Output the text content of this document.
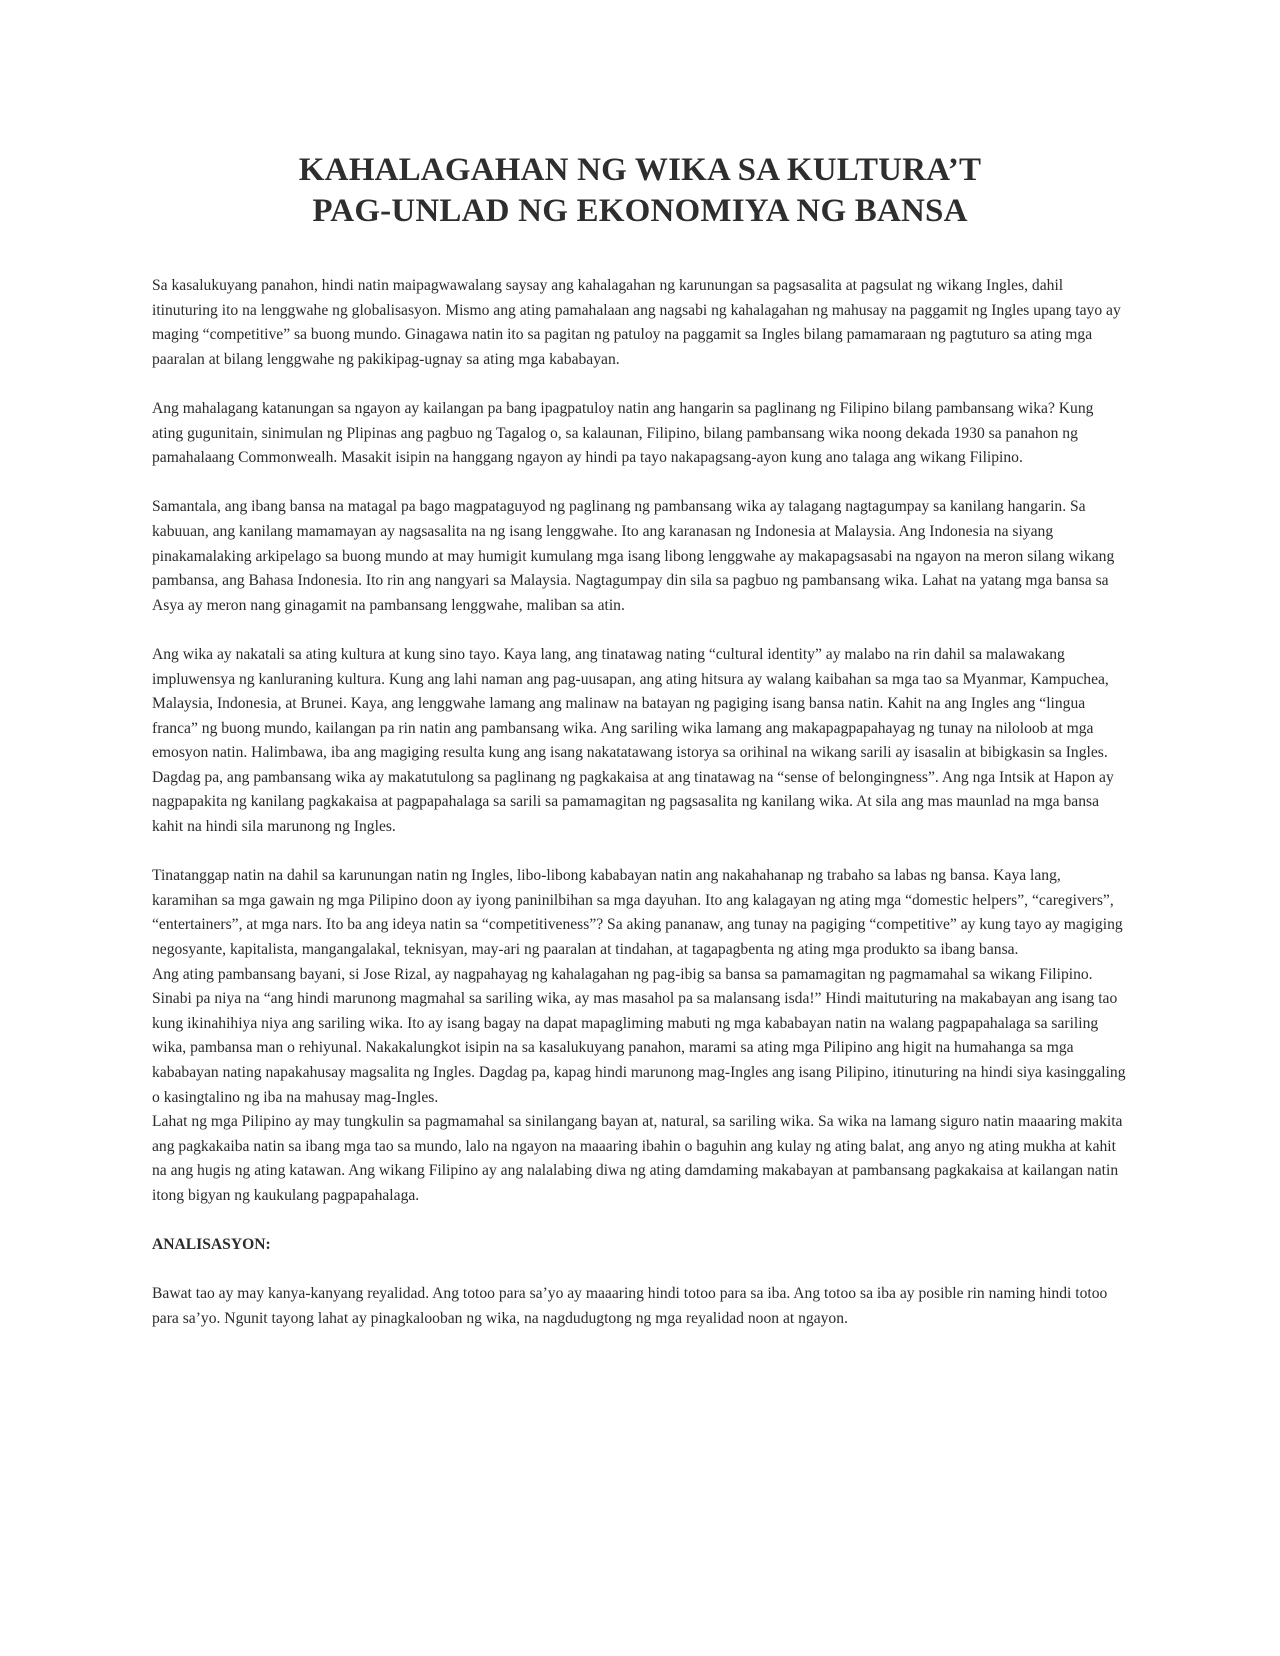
KAHALAGAHAN NG WIKA SA KULTURA’T
PAG-UNLAD NG EKONOMIYA NG BANSA

Sa kasalukuyang panahon, hindi natin maipagwawalang saysay ang kahalagahan ng karunungan sa pagsasalita at pagsulat ng wikang Ingles, dahil itinuturing ito na lenggwahe ng globalisasyon. Mismo ang ating pamahalaan ang nagsabi ng kahalagahan ng mahusay na paggamit ng Ingles upang tayo ay maging “competitive” sa buong mundo. Ginagawa natin ito sa pagitan ng patuloy na paggamit sa Ingles bilang pamamaraan ng pagtuturo sa ating mga paaralan at bilang lenggwahe ng pakikipag-ugnay sa ating mga kababayan.

Ang mahalagang katanungan sa ngayon ay kailangan pa bang ipagpatuloy natin ang hangarin sa paglinang ng Filipino bilang pambansang wika? Kung ating gugunitain, sinimulan ng Plipinas ang pagbuo ng Tagalog o, sa kalaunan, Filipino, bilang pambansang wika noong dekada 1930 sa panahon ng pamahalaang Commonwealh. Masakit isipin na hanggang ngayon ay hindi pa tayo nakapagsang-ayon kung ano talaga ang wikang Filipino.

Samantala, ang ibang bansa na matagal pa bago magpataguyod ng paglinang ng pambansang wika ay talagang nagtagumpay sa kanilang hangarin. Sa kabuuan, ang kanilang mamamayan ay nagsasalita na ng isang lenggwahe. Ito ang karanasan ng Indonesia at Malaysia. Ang Indonesia na siyang pinakamalaking arkipelago sa buong mundo at may humigit kumulang mga isang libong lenggwahe ay makapagsasabi na ngayon na meron silang wikang pambansa, ang Bahasa Indonesia. Ito rin ang nangyari sa Malaysia. Nagtagumpay din sila sa pagbuo ng pambansang wika. Lahat na yatang mga bansa sa Asya ay meron nang ginagamit na pambansang lenggwahe, maliban sa atin.

Ang wika ay nakatali sa ating kultura at kung sino tayo. Kaya lang, ang tinatawag nating “cultural identity” ay malabo na rin dahil sa malawakang impluwensya ng kanluraning kultura. Kung ang lahi naman ang pag-uusapan, ang ating hitsura ay walang kaibahan sa mga tao sa Myanmar, Kampuchea, Malaysia, Indonesia, at Brunei. Kaya, ang lenggwahe lamang ang malinaw na batayan ng pagiging isang bansa natin. Kahit na ang Ingles ang “lingua franca” ng buong mundo, kailangan pa rin natin ang pambansang wika. Ang sariling wika lamang ang makapagpapahayag ng tunay na niloloob at mga emosyon natin. Halimbawa, iba ang magiging resulta kung ang isang nakatatawang istorya sa orihinal na wikang sarili ay isasalin at bibigkasin sa Ingles. Dagdag pa, ang pambansang wika ay makatutulong sa paglinang ng pagkakaisa at ang tinatawag na “sense of belongingness”. Ang nga Intsik at Hapon ay nagpapakita ng kanilang pagkakaisa at pagpapahalaga sa sarili sa pamamagitan ng pagsasalita ng kanilang wika. At sila ang mas maunlad na mga bansa kahit na hindi sila marunong ng Ingles.

Tinatanggap natin na dahil sa karunungan natin ng Ingles, libo-libong kababayan natin ang nakahahanap ng trabaho sa labas ng bansa. Kaya lang, karamihan sa mga gawain ng mga Pilipino doon ay iyong paninilbihan sa mga dayuhan. Ito ang kalagayan ng ating mga “domestic helpers”, “caregivers”, “entertainers”, at mga nars. Ito ba ang ideya natin sa “competitiveness”? Sa aking pananaw, ang tunay na pagiging “competitive” ay kung tayo ay magiging negosyante, kapitalista, mangangalakal, teknisyan, may-ari ng paaralan at tindahan, at tagapagbenta ng ating mga produkto sa ibang bansa.

Ang ating pambansang bayani, si Jose Rizal, ay nagpahayag ng kahalagahan ng pag-ibig sa bansa sa pamamagitan ng pagmamahal sa wikang Filipino. Sinabi pa niya na “ang hindi marunong magmahal sa sariling wika, ay mas masahol pa sa malansang isda!” Hindi maituturing na makabayan ang isang tao kung ikinahihiya niya ang sariling wika. Ito ay isang bagay na dapat mapagliming mabuti ng mga kababayan natin na walang pagpapahalaga sa sariling wika, pambansa man o rehiyunal. Nakakalungkot isipin na sa kasalukuyang panahon, marami sa ating mga Pilipino ang higit na humahanga sa mga kababayan nating napakahusay magsalita ng Ingles. Dagdag pa, kapag hindi marunong mag-Ingles ang isang Pilipino, itinuturing na hindi siya kasinggaling o kasingtalino ng iba na mahusay mag-Ingles.

Lahat ng mga Pilipino ay may tungkulin sa pagmamahal sa sinilangang bayan at, natural, sa sariling wika. Sa wika na lamang siguro natin maaaring makita ang pagkakaiba natin sa ibang mga tao sa mundo, lalo na ngayon na maaaring ibahin o baguhin ang kulay ng ating balat, ang anyo ng ating mukha at kahit na ang hugis ng ating katawan. Ang wikang Filipino ay ang nalalabing diwa ng ating damdaming makabayan at pambansang pagkakaisa at kailangan natin itong bigyan ng kaukulang pagpapahalaga.

ANALISASYON:

Bawat tao ay may kanya-kanyang reyalidad. Ang totoo para sa’yo ay maaaring hindi totoo para sa iba. Ang totoo sa iba ay posible rin naming hindi totoo para sa’yo. Ngunit tayong lahat ay pinagkalooban ng wika, na nagdudugtong ng mga reyalidad noon at ngayon.
